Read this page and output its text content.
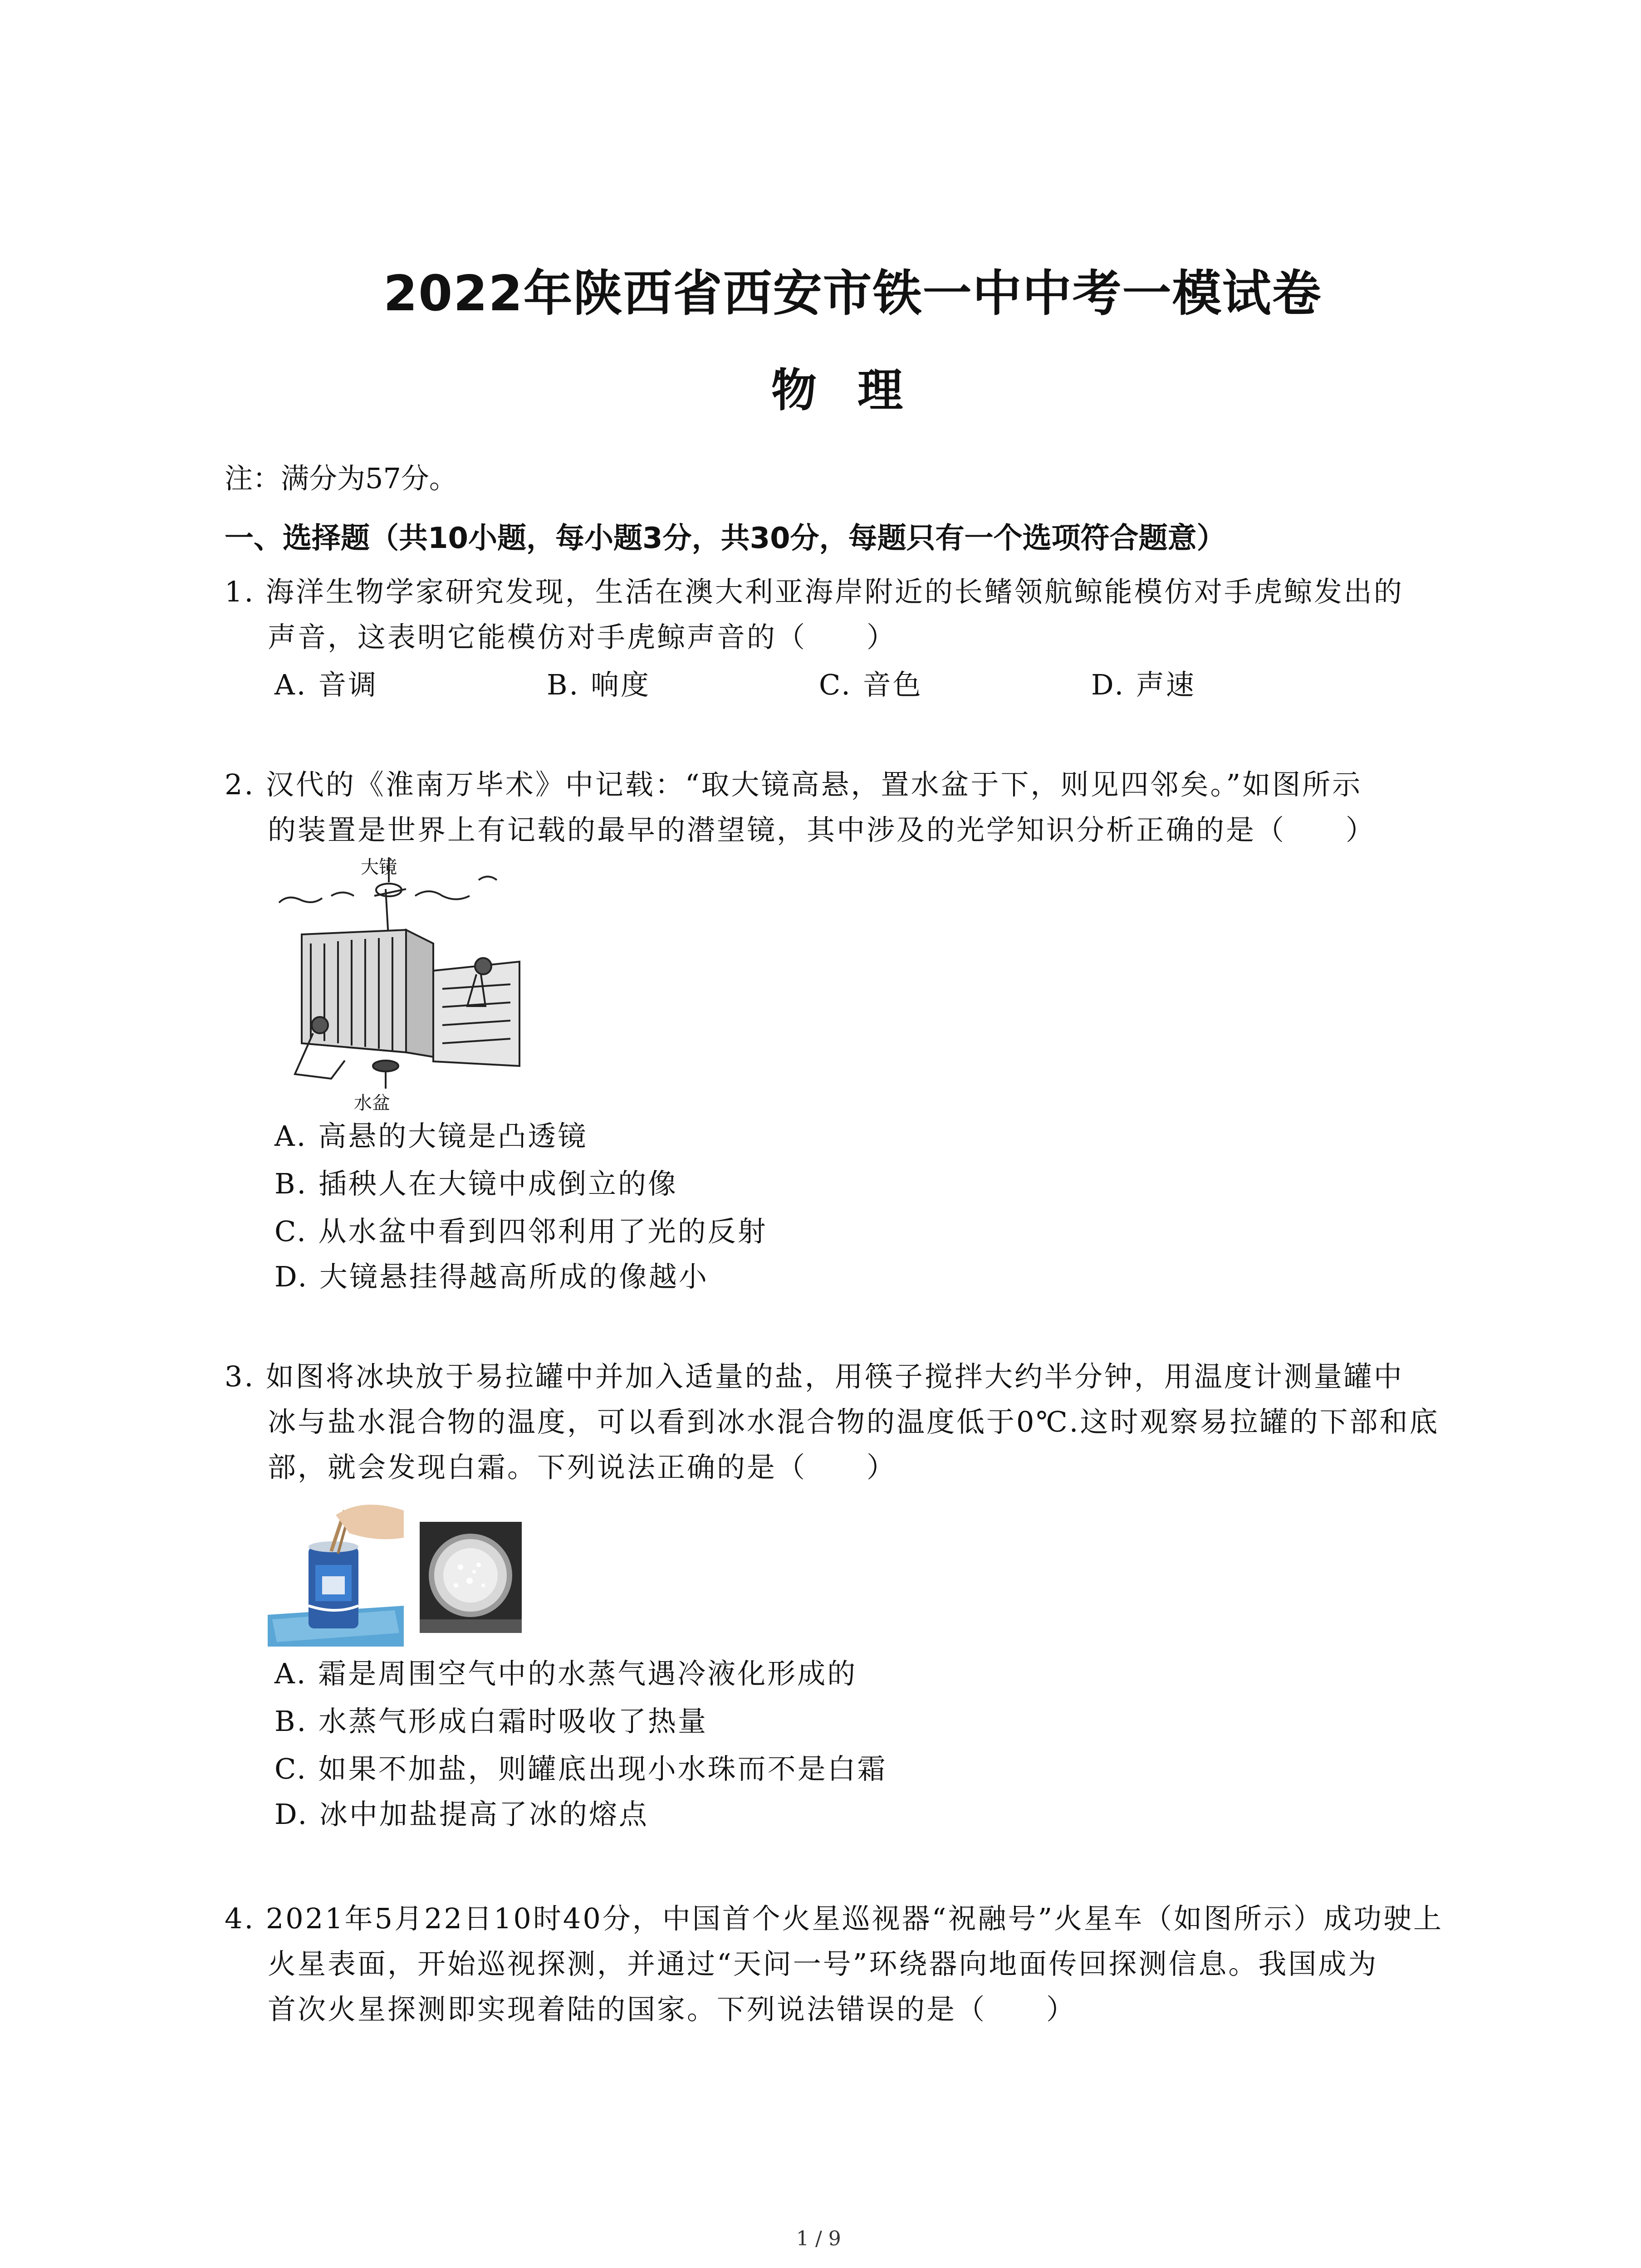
2022年陕西省西安市铁一中中考一模试卷
物理
注：满分为57分。
一、选择题（共10小题，每小题3分，共30分，每题只有一个选项符合题意）
1. 海洋生物学家研究发现，生活在澳大利亚海岸附近的长鳍领航鲸能模仿对手虎鲸发出的
声音，这表明它能模仿对手虎鲸声音的（　　）
A. 音调	B. 响度	C. 音色	D. 声速
2. 汉代的《淮南万毕术》中记载：“取大镜高悬，置水盆于下，则见四邻矣。”如图所示
的装置是世界上有记载的最早的潜望镜，其中涉及的光学知识分析正确的是（　　）
大镜
水盆
A. 高悬的大镜是凸透镜
B. 插秧人在大镜中成倒立的像
C. 从水盆中看到四邻利用了光的反射
D. 大镜悬挂得越高所成的像越小
3. 如图将冰块放于易拉罐中并加入适量的盐，用筷子搅拌大约半分钟，用温度计测量罐中
冰与盐水混合物的温度，可以看到冰水混合物的温度低于0℃.这时观察易拉罐的下部和底
部，就会发现白霜。下列说法正确的是（　　）
A. 霜是周围空气中的水蒸气遇冷液化形成的
B. 水蒸气形成白霜时吸收了热量
C. 如果不加盐，则罐底出现小水珠而不是白霜
D. 冰中加盐提高了冰的熔点
4. 2021年5月22日10时40分，中国首个火星巡视器“祝融号”火星车（如图所示）成功驶上
火星表面，开始巡视探测，并通过“天问一号”环绕器向地面传回探测信息。我国成为
首次火星探测即实现着陆的国家。下列说法错误的是（　　）
1 / 9
